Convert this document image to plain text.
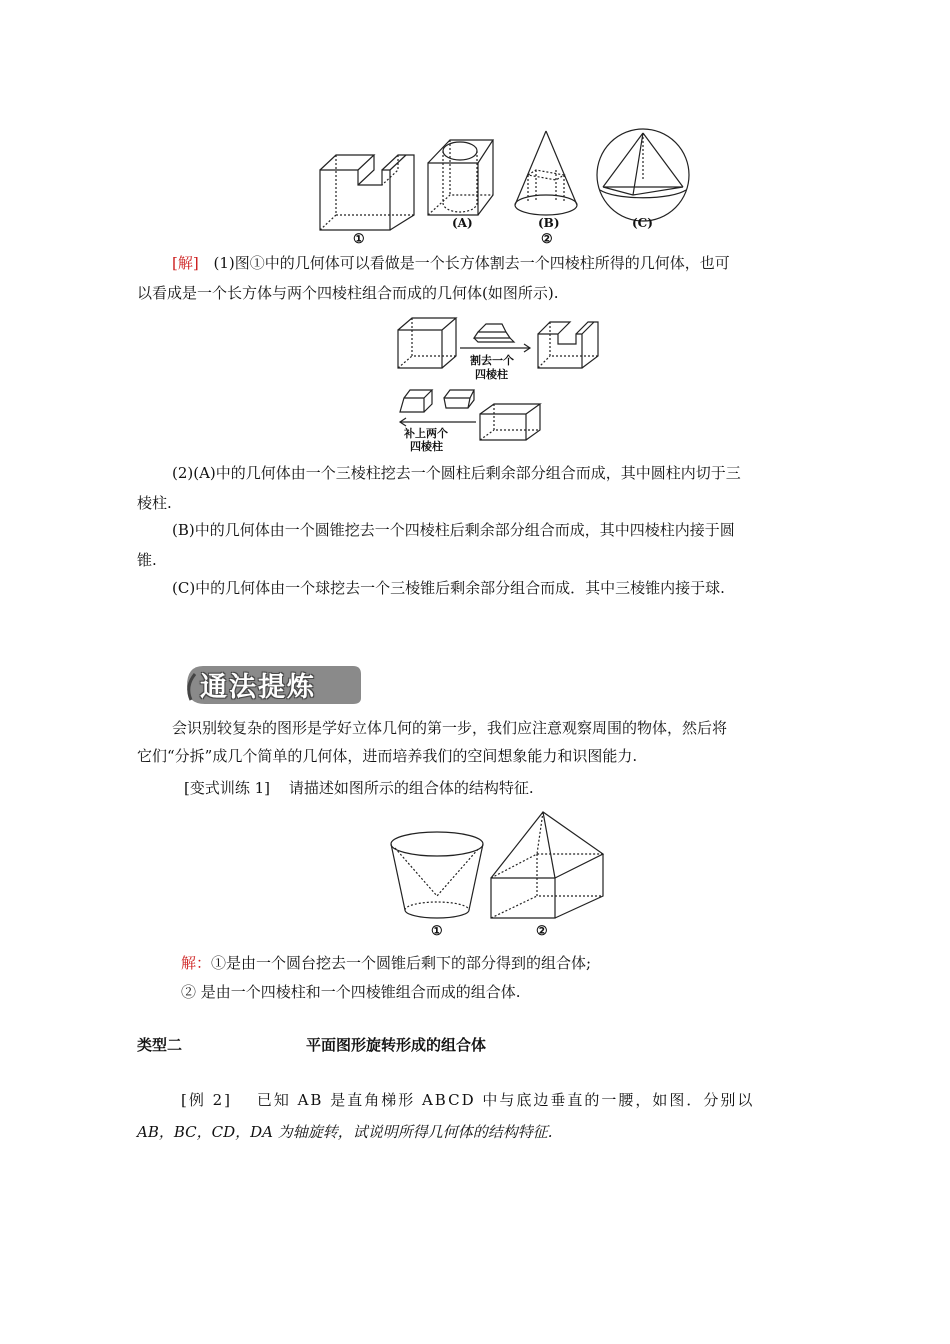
(A)	(B)	(C)
①	②
[解] (1)图①中的几何体可以看做是一个长方体割去一个四棱柱所得的几何体，也可
以看成是一个长方体与两个四棱柱组合而成的几何体(如图所示).
割去一个
四棱柱
补上两个
四棱柱
(2)(A)中的几何体由一个三棱柱挖去一个圆柱后剩余部分组合而成，其中圆柱内切于三
棱柱.
(B)中的几何体由一个圆锥挖去一个四棱柱后剩余部分组合而成，其中四棱柱内接于圆
锥.
(C)中的几何体由一个球挖去一个三棱锥后剩余部分组合而成．其中三棱锥内接于球.
通法提炼
会识别较复杂的图形是学好立体几何的第一步，我们应注意观察周围的物体，然后将
它们“分拆”成几个简单的几何体，进而培养我们的空间想象能力和识图能力.
[变式训练 1] 请描述如图所示的组合体的结构特征.
①	②
解：①是由一个圆台挖去一个圆锥后剩下的部分得到的组合体;
② 是由一个四棱柱和一个四棱锥组合而成的组合体.
类型二	平面图形旋转形成的组合体
[例 2] 已知 AB 是直角梯形 ABCD 中与底边垂直的一腰，如图．分别以
AB，BC，CD，DA 为轴旋转，试说明所得几何体的结构特征.
